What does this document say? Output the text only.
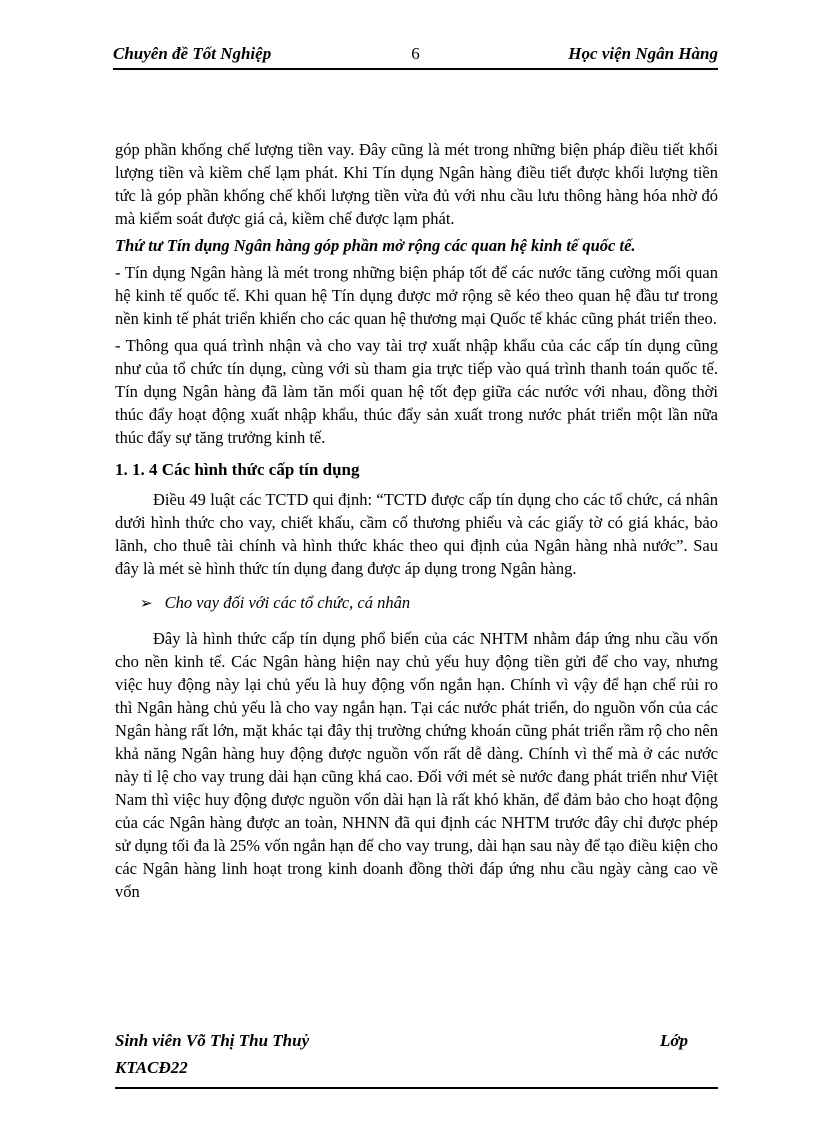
Chuyên đề Tốt Nghiệp	6	Học viện Ngân Hàng

góp phần khống chế lượng tiền vay. Đây cũng là mét trong những biện pháp điều tiết khối lượng tiền và kiềm chế lạm phát. Khi Tín dụng Ngân hàng điều tiết được khối lượng tiền tức là góp phần khống chế khối lượng tiền vừa đủ với nhu cầu lưu thông hàng hóa nhờ đó mà kiểm soát được giá cả, kiềm chế được lạm phát.

Thứ tư Tín dụng Ngân hàng góp phần mở rộng các quan hệ kinh tế quốc tế.

- Tín dụng Ngân hàng là mét trong những biện pháp tốt để các nước tăng cường mối quan hệ kinh tế quốc tế. Khi quan hệ Tín dụng được mở rộng sẽ kéo theo quan hệ đầu tư trong nền kinh tế phát triển khiến cho các quan hệ thương mại Quốc tế khác cũng phát triển theo.

- Thông qua quá trình nhận và cho vay tài trợ xuất nhập khẩu của các cấp tín dụng cũng như của tổ chức tín dụng, cùng với sù tham gia trực tiếp vào quá trình thanh toán quốc tế. Tín dụng Ngân hàng đã làm tăn mối quan hệ tốt đẹp giữa các nước với nhau, đồng thời thúc đẩy hoạt động xuất nhập khẩu, thúc đẩy sản xuất trong nước phát triển một lần nữa thúc đẩy sự tăng trưởng kinh tế.

1. 1. 4 Các hình thức cấp tín dụng

Điều 49 luật các TCTD qui định: “TCTD được cấp tín dụng cho các tổ chức, cá nhân dưới hình thức cho vay, chiết khấu, cầm cố thương phiếu và các giấy tờ có giá khác, bảo lãnh, cho thuê tài chính và hình thức khác theo qui định của Ngân hàng nhà nước”. Sau đây là mét sè hình thức tín dụng đang được áp dụng trong Ngân hàng.

➢ Cho vay đối với các tổ chức, cá nhân

Đây là hình thức cấp tín dụng phổ biến của các NHTM nhằm đáp ứng nhu cầu vốn cho nền kinh tế. Các Ngân hàng hiện nay chủ yếu huy động tiền gửi để cho vay, nhưng việc huy động này lại chủ yếu là huy động vốn ngắn hạn. Chính vì vậy để hạn chế rủi ro thì Ngân hàng chủ yếu là cho vay ngắn hạn. Tại các nước phát triển, do nguồn vốn của các Ngân hàng rất lớn, mặt khác tại đây thị trường chứng khoán cũng phát triển rầm rộ cho nên khả năng Ngân hàng huy động được nguồn vốn rất dễ dàng. Chính vì thế mà ở các nước này tỉ lệ cho vay trung dài hạn cũng khá cao. Đối với mét sè nước đang phát triển như Việt Nam thì việc huy động được nguồn vốn dài hạn là rất khó khăn, để đảm bảo cho hoạt động của các Ngân hàng được an toàn, NHNN đã qui định các NHTM trước đây chỉ được phép sử dụng tối đa là 25% vốn ngắn hạn để cho vay trung, dài hạn sau này để tạo điều kiện cho các Ngân hàng linh hoạt trong kinh doanh đồng thời đáp ứng nhu cầu ngày càng cao về vốn

Sinh viên Võ Thị Thu Thuỷ	Lớp
KTACĐ22
